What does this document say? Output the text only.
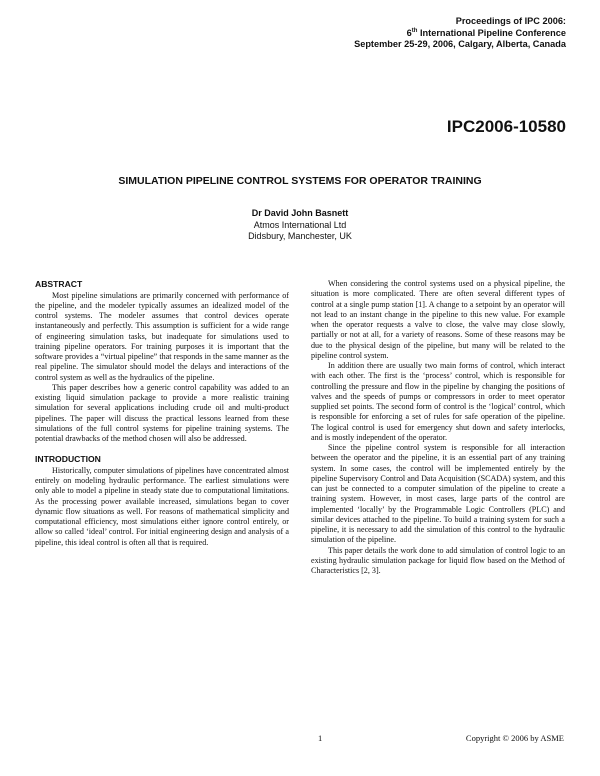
Proceedings of IPC 2006:
6th International Pipeline Conference
September 25-29, 2006, Calgary, Alberta, Canada
IPC2006-10580
SIMULATION PIPELINE CONTROL SYSTEMS FOR OPERATOR TRAINING
Dr David John Basnett
Atmos International Ltd
Didsbury, Manchester, UK
ABSTRACT

Most pipeline simulations are primarily concerned with performance of the pipeline, and the modeler typically assumes an idealized model of the control systems. The modeler assumes that control devices operate instantaneously and perfectly. This assumption is sufficient for a wide range of engineering simulation tasks, but inadequate for simulations used to training pipeline operators. For training purposes it is important that the software provides a “virtual pipeline” that responds in the same manner as the real pipeline. The simulator should model the delays and interactions of the control system as well as the hydraulics of the pipeline.

This paper describes how a generic control capability was added to an existing liquid simulation package to provide a more realistic training simulation for several applications including crude oil and multi-product pipelines. The paper will discuss the practical lessons learned from these simulations of the full control systems for pipeline training systems. The potential drawbacks of the method chosen will also be addressed.

INTRODUCTION

Historically, computer simulations of pipelines have concentrated almost entirely on modeling hydraulic performance. The earliest simulations were only able to model a pipeline in steady state due to computational limitations. As the processing power available increased, simulations began to cover dynamic flow situations as well. For reasons of mathematical simplicity and computational efficiency, most simulations either ignore control entirely, or allow so called ‘ideal’ control. For initial engineering design and analysis of a pipeline, this ideal control is often all that is required.

When considering the control systems used on a physical pipeline, the situation is more complicated. There are often several different types of control at a single pump station [1]. A change to a setpoint by an operator will not lead to an instant change in the pipeline to this new value. For example when the operator requests a valve to close, the valve may close slowly, partially or not at all, for a variety of reasons. Some of these reasons may be due to the physical design of the pipeline, but many will be related to the pipeline control system.

In addition there are usually two main forms of control, which interact with each other. The first is the ‘process’ control, which is responsible for controlling the pressure and flow in the pipeline by changing the positions of valves and the speeds of pumps or compressors in order to meet operator supplied set points. The second form of control is the ‘logical’ control, which is responsible for enforcing a set of rules for safe operation of the pipeline. The logical control is used for emergency shut down and safety interlocks, and is mostly independent of the operator.

Since the pipeline control system is responsible for all interaction between the operator and the pipeline, it is an essential part of any training system. In some cases, the control will be implemented entirely by the pipeline Supervisory Control and Data Acquisition (SCADA) system, and this can just be connected to a computer simulation of the pipeline to create a training system. However, in most cases, large parts of the control are implemented ‘locally’ by the Programmable Logic Controllers (PLC) and similar devices attached to the pipeline. To build a training system for such a pipeline, it is necessary to add the simulation of this control to the hydraulic simulation of the pipeline.

This paper details the work done to add simulation of control logic to an existing hydraulic simulation package for liquid flow based on the Method of Characteristics [2, 3].

1	Copyright © 2006 by ASME
